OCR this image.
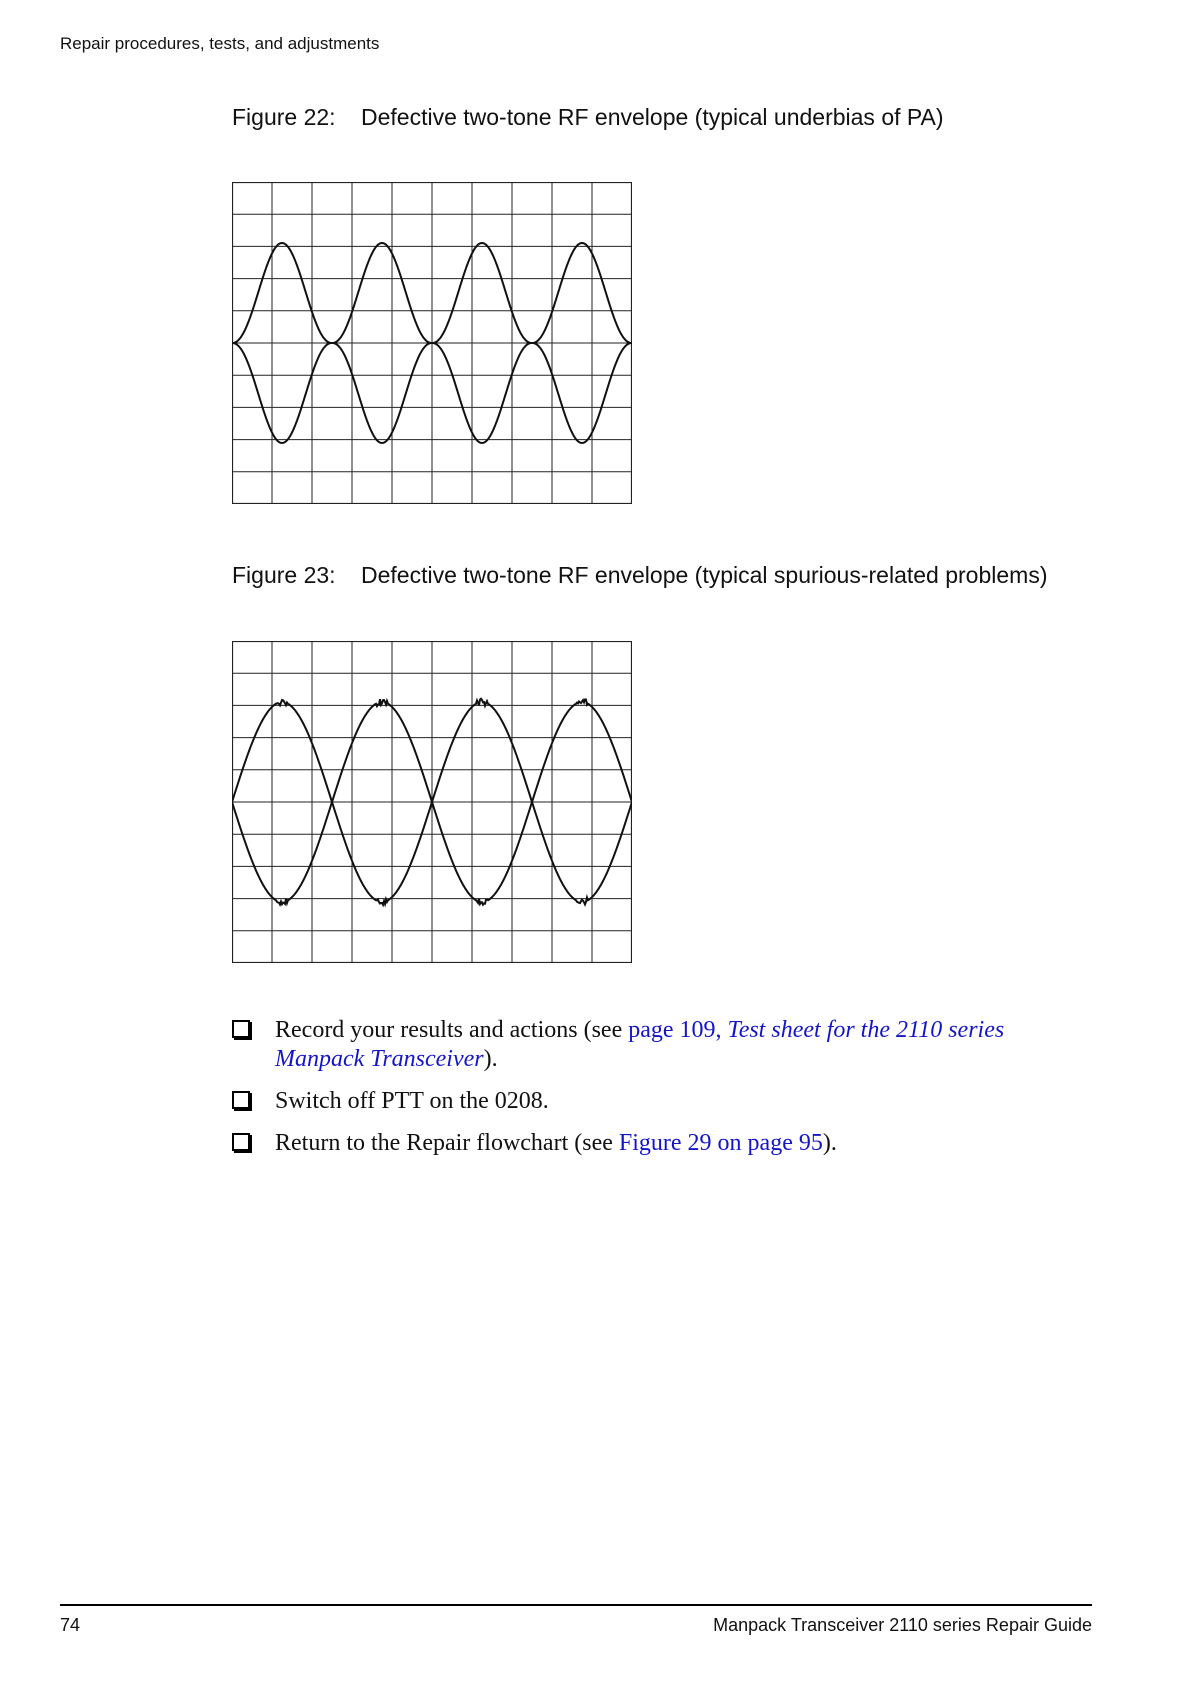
Repair procedures, tests, and adjustments
Figure 22: Defective two-tone RF envelope (typical underbias of PA)
Figure 23: Defective two-tone RF envelope (typical spurious-related problems)
Record your results and actions (see page 109, Test sheet for the 2110 series Manpack Transceiver).
Switch off PTT on the 0208.
Return to the Repair flowchart (see Figure 29 on page 95).
74	Manpack Transceiver 2110 series Repair Guide
